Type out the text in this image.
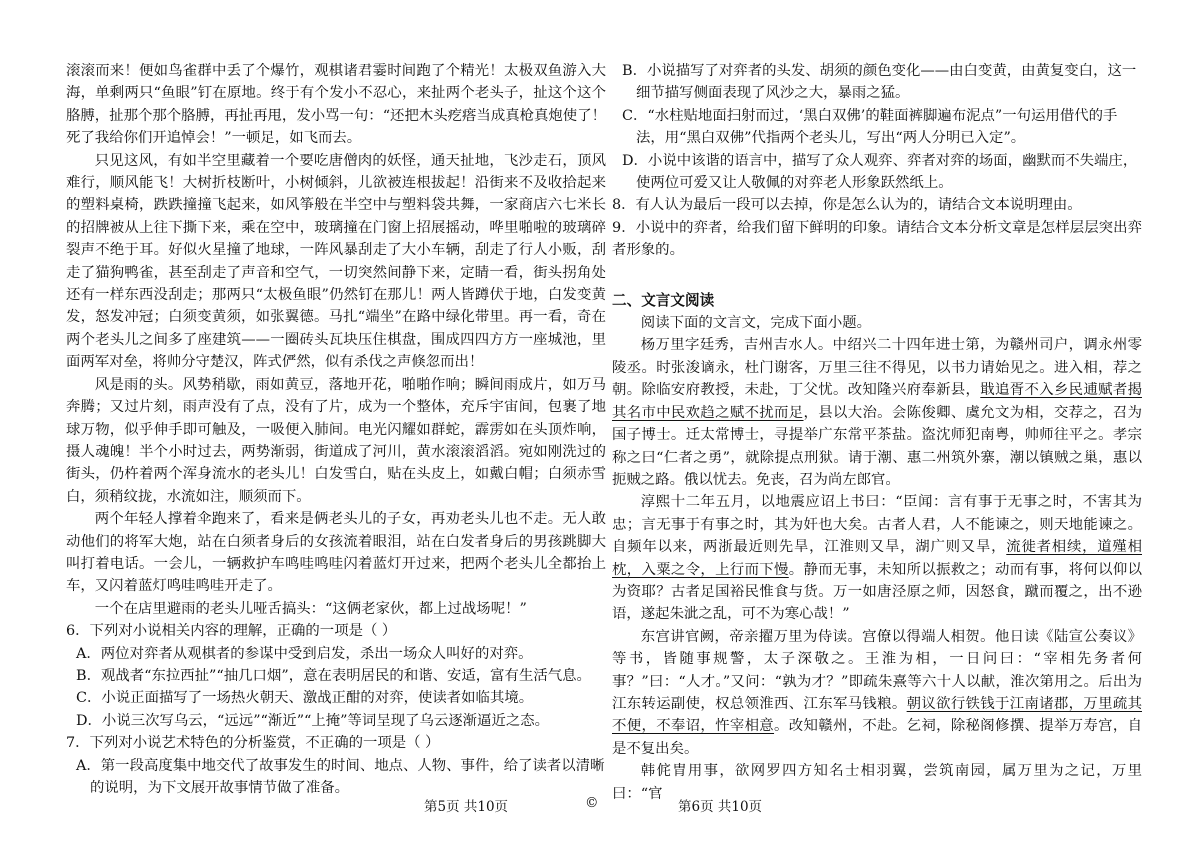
滚滚而来！便如鸟雀群中丢了个爆竹，观棋诸君霎时间跑了个精光！太极双鱼游入大海，单剩两只“鱼眼”钉在原地。终于有个发小不忍心，来扯两个老头子，扯这个这个胳膊，扯那个那个胳膊，再扯再甩，发小骂一句：“还把木头疙瘩当成真枪真炮使了！死了我给你们开追悼会！”一顿足，如飞而去。

只见这风，有如半空里藏着一个要吃唐僧肉的妖怪，通天扯地，飞沙走石，顶风难行，顺风能飞！大树折枝断叶，小树倾斜，儿欲被连根拔起！沿街来不及收拾起来的塑料桌椅，跌跌撞撞飞起来，如风筝般在半空中与塑料袋共舞，一家商店六七米长的招牌被从上往下撕下来，乘在空中，玻璃撞在门窗上招展摇动，哗里啪啦的玻璃碎裂声不绝于耳。好似火星撞了地球，一阵风暴刮走了大小车辆，刮走了行人小贩，刮走了猫狗鸭雀，甚至刮走了声音和空气，一切突然间静下来，定睛一看，街头拐角处还有一样东西没刮走；那两只“太极鱼眼”仍然钉在那儿！两人皆蹲伏于地，白发变黄发，怒发冲冠；白须变黄须，如张翼德。马扎“端坐”在路中绿化带里。再一看，奇在两个老头儿之间多了座建筑——一圈砖头瓦块压住棋盘，围成四四方方一座城池，里面两军对垒，将帅分守楚汉，阵式俨然，似有杀伐之声倏忽而出！

风是雨的头。风势稍歇，雨如黄豆，落地开花，啪啪作响；瞬间雨成片，如万马奔腾；又过片刻，雨声没有了点，没有了片，成为一个整体，充斥宇宙间，包裹了地球万物，似乎伸手即可触及，一吸便入肺间。电光闪耀如群蛇，霹雳如在头顶炸响，摄人魂魄！半个小时过去，两势渐弱，街道成了河川，黄水滚滚滔滔。宛如刚洗过的街头，仍杵着两个浑身流水的老头儿！白发雪白，贴在头皮上，如戴白帽；白须赤雪白，须稍纹拢，水流如注，顺须而下。

两个年轻人撑着伞跑来了，看来是俩老头儿的子女，再劝老头儿也不走。无人敢动他们的将军大炮，站在白须者身后的女孩流着眼泪，站在白发者身后的男孩跳脚大叫打着电话。一会儿，一辆救护车鸣哇鸣哇闪着蓝灯开过来，把两个老头儿全都抬上车，又闪着蓝灯鸣哇鸣哇开走了。

一个在店里避雨的老头儿哑舌搞头：“这俩老家伙，都上过战场呢！”

6．下列对小说相关内容的理解，正确的一项是（ ）

A．两位对弈者从观棋者的参谋中受到启发，杀出一场众人叫好的对弈。

B．观战者“东拉西扯”“抽几口烟”，意在表明居民的和谐、安适，富有生活气息。

C．小说正面描写了一场热火朝天、激战正酣的对弈，使读者如临其境。

D．小说三次写乌云，“远远”“渐近”“上掩”等词呈现了乌云逐渐逼近之态。

7．下列对小说艺术特色的分析鉴赏，不正确的一项是（ ）

A．第一段高度集中地交代了故事发生的时间、地点、人物、事件，给了读者以清晰的说明，为下文展开故事情节做了准备。

B．小说描写了对弈者的头发、胡须的颜色变化——由白变黄，由黄复变白，这一细节描写侧面表现了风沙之大，暴雨之猛。

C．“水柱贴地面扫射而过，‘黑白双佛’的鞋面裤脚遍布泥点”一句运用借代的手法，用“黑白双佛”代指两个老头儿，写出“两人分明已入定”。

D．小说中该谐的语言中，描写了众人观弈、弈者对弈的场面，幽默而不失端庄，使两位可爱又让人敬佩的对弈老人形象跃然纸上。

8．有人认为最后一段可以去掉，你是怎么认为的，请结合文本说明理由。

9．小说中的弈者，给我们留下鲜明的印象。请结合文本分析文章是怎样层层突出弈者形象的。

二、文言文阅读

阅读下面的文言文，完成下面小题。

杨万里字廷秀，吉州吉水人。中绍兴二十四年进士第，为赣州司户，调永州零陵丞。时张浚谪永，杜门谢客，万里三往不得见，以书力请始见之。进入相，荐之朝。除临安府教授，未赴，丁父忧。改知隆兴府奉新县，戢追胥不入乡民逋赋者揭其名市中民欢趋之赋不扰而足，县以大治。会陈俊卿、虞允文为相，交荐之，召为国子博士。迁太常博士，寻提举广东常平茶盐。盗沈师犯南粤，帅师往平之。孝宗称之曰“仁者之勇”，就除提点刑狱。请于潮、惠二州筑外寨，潮以镇贼之巢，惠以扼贼之路。俄以忧去。免丧，召为尚左郎官。

淳熙十二年五月，以地震应诏上书曰：“臣闻：言有事于无事之时，不害其为忠；言无事于有事之时，其为奸也大矣。古者人君，人不能谏之，则天地能谏之。自频年以来，两浙最近则先旱，江淮则又旱，湖广则又旱，流徙者相续，道殣相枕，入粟之令，上行而下慢。静而无事，未知所以振救之；动而有事，将何以仰以为资耶？古者足国裕民惟食与货。万一如唐泾原之师，因怒食，蹴而覆之，出不逊语，遂起朱泚之乱，可不为寒心哉！”

东宫讲官阙，帝亲擢万里为侍读。宫僚以得端人相贺。他日读《陆宣公奏议》等书，皆随事规警，太子深敬之。王淮为相，一日问曰：“宰相先务者何事？”曰：“人才。”又问：“孰为才？”即疏朱熹等六十人以献，淮次第用之。后出为江东转运副使，权总领淮西、江东军马钱粮。朝议欲行铁钱于江南诸郡，万里疏其不便，不奉诏，忤宰相意。改知赣州，不赴。乞祠，除秘阁修撰、提举万寿宫，自是不复出矣。

韩侂胄用事，欲网罗四方知名士相羽翼，尝筑南园，属万里为之记，万里曰：“官

第5页 共10页	©	第6页 共10页
